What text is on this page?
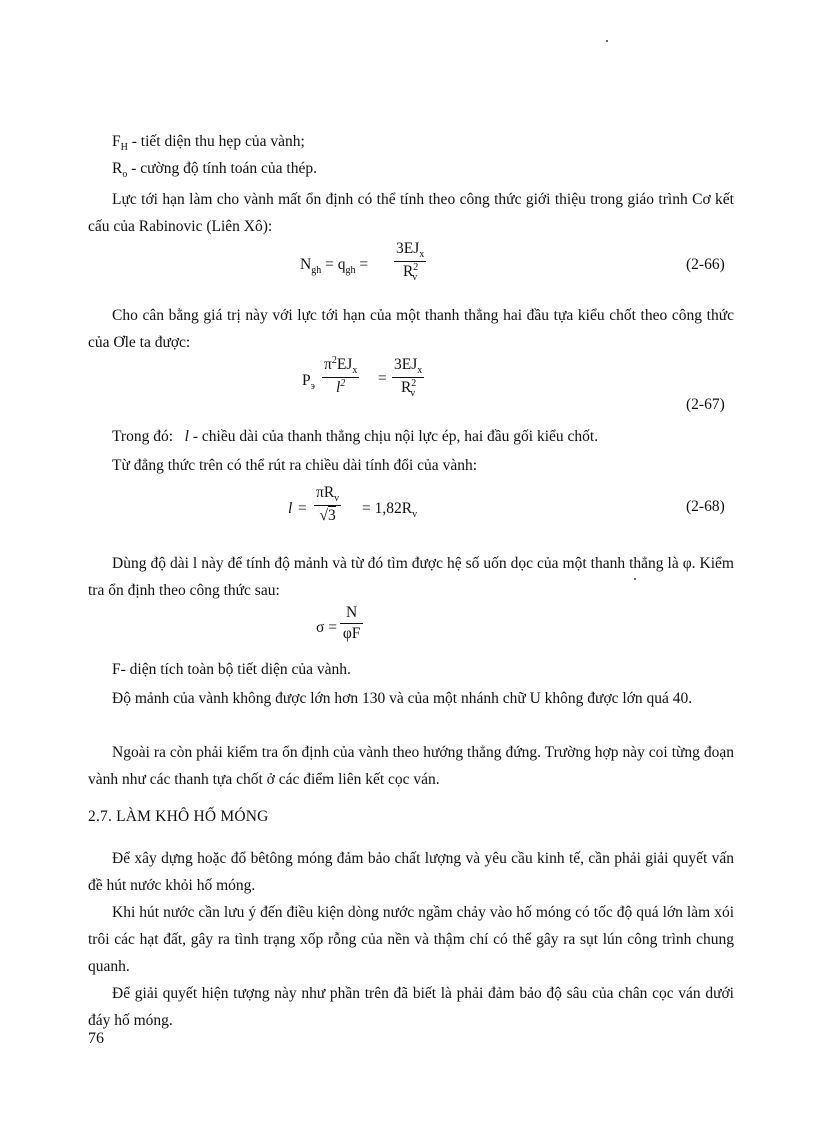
$F_H$ - tiết diện thu hẹp của vành;
$R_o$ - cường độ tính toán của thép.
Lực tới hạn làm cho vành mất ổn định có thể tính theo công thức giới thiệu trong giáo trình Cơ kết cấu của Rabinovic (Liên Xô):
$N_{gh} = q_{gh}$ =
$3EJ_x$
$R^2_v$
(2-66)
Cho cân bằng giá trị này với lực tới hạn của một thanh thẳng hai đầu tựa kiểu chốt theo công thức của Ơle ta được:
$P_э$
$\pi^2EJ_x$
$l^2$	=
$3EJ_x$
$R^2_v$
(2-67)
Trong đó: l - chiều dài của thanh thẳng chịu nội lực ép, hai đầu gối kiểu chốt.
Từ đẳng thức trên có thể rút ra chiều dài tính đổi của vành:
l =
$\pi R_v$
√3	= $1,82R_v$	(2-68)
Dùng độ dài l này để tính độ mảnh và từ đó tìm được hệ số uốn dọc của một thanh thẳng là φ. Kiểm tra ổn định theo công thức sau:
$\sigma = \frac{N}{\varphi F}$
F- diện tích toàn bộ tiết diện của vành.
Độ mảnh của vành không được lớn hơn 130 và của một nhánh chữ U không được lớn quá 40.
Ngoài ra còn phải kiểm tra ổn định của vành theo hướng thẳng đứng. Trường hợp này coi từng đoạn vành như các thanh tựa chốt ở các điểm liên kết cọc ván.
2.7. LÀM KHÔ HỐ MÓNG
Để xây dựng hoặc đổ bêtông móng đảm bảo chất lượng và yêu cầu kinh tế, cần phải giải quyết vấn đề hút nước khỏi hố móng.
Khi hút nước cần lưu ý đến điều kiện dòng nước ngầm chảy vào hố móng có tốc độ quá lớn làm xói trôi các hạt đất, gây ra tình trạng xốp rỗng của nền và thậm chí có thể gây ra sụt lún công trình chung quanh.
Để giải quyết hiện tượng này như phần trên đã biết là phải đảm bảo độ sâu của chân cọc ván dưới đáy hố móng.
76
